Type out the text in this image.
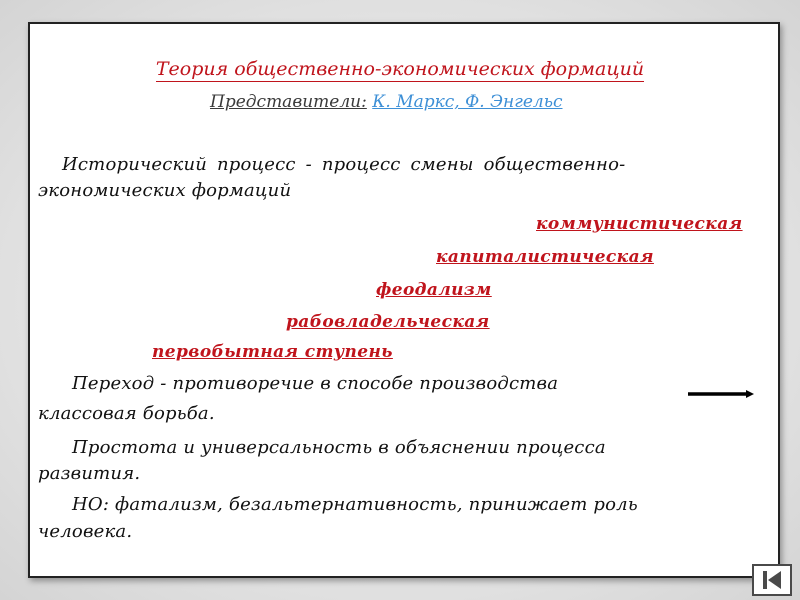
Теория общественно-экономических формаций
Представители: К. Маркс, Ф. Энгельс
Исторический процесс - процесс смены общественно-
экономических формаций
коммунистическая
капиталистическая
феодализм
рабовладельческая
первобытная ступень
Переход - противоречие в способе производства
классовая борьба.
Простота и универсальность в объяснении процесса
развития.
НО: фатализм, безальтернативность, принижает роль
человека.
